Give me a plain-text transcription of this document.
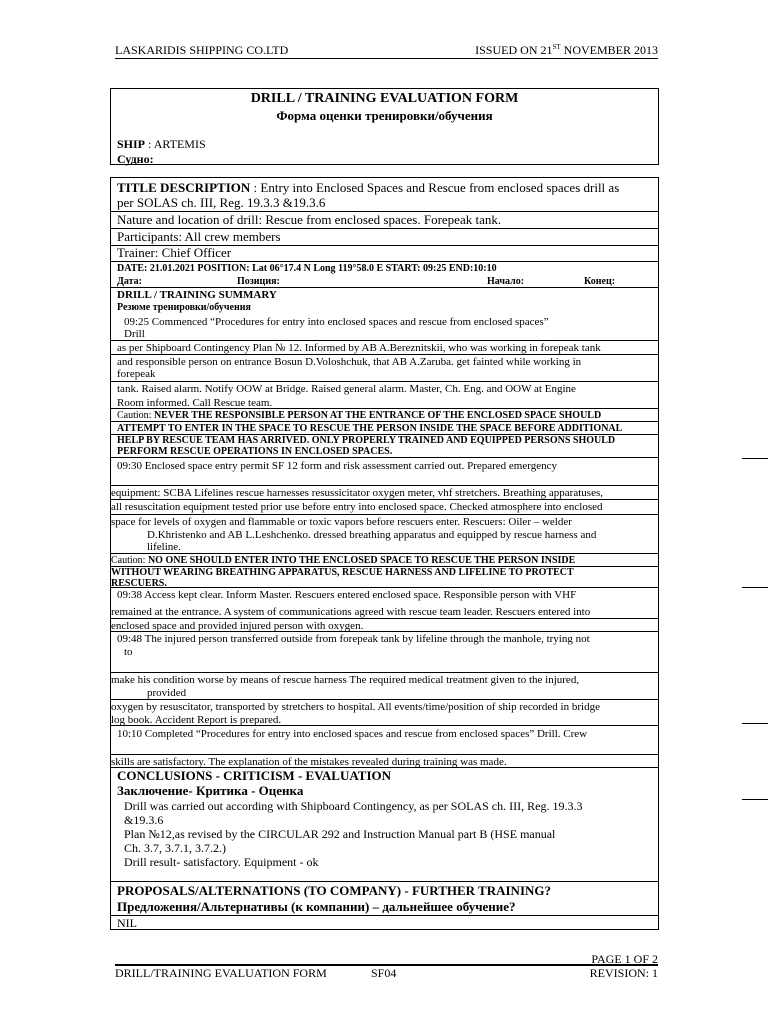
LASKARIDIS SHIPPING CO.LTD	ISSUED ON 21ST NOVEMBER 2013
DRILL / TRAINING EVALUATION FORM
Форма оценки тренировки/обучения
SHIP : ARTEMIS
Судно:
TITLE DESCRIPTION : Entry into Enclosed Spaces and Rescue from enclosed spaces drill as
per SOLAS ch. III, Reg. 19.3.3 &19.3.6
Nature and location of drill: Rescue from enclosed spaces. Forepeak tank.
Participants: All crew members
Trainer: Chief Officer
DATE: 21.01.2021 POSITION: Lat 06°17.4 N Long 119°58.0 E START: 09:25 END:10:10
Дата:	Позиция:	Начало:	Конец:
DRILL / TRAINING SUMMARY
Резюме тренировки/обучения
09:25 Commenced “Procedures for entry into enclosed spaces and rescue from enclosed spaces”
Drill
as per Shipboard Contingency Plan № 12. Informed by AB A.Bereznitskii, who was working in forepeak tank
and responsible person on entrance Bosun D.Voloshchuk, that AB A.Zaruba. get fainted while working in
forepeak
tank. Raised alarm. Notify OOW at Bridge. Raised general alarm. Master, Ch. Eng. and OOW at Engine
Room informed. Call Rescue team.
Caution: NEVER THE RESPONSIBLE PERSON AT THE ENTRANCE OF THE ENCLOSED SPACE SHOULD
ATTEMPT TO ENTER IN THE SPACE TO RESCUE THE PERSON INSIDE THE SPACE BEFORE ADDITIONAL
HELP BY RESCUE TEAM HAS ARRIVED. ONLY PROPERLY TRAINED AND EQUIPPED PERSONS SHOULD
PERFORM RESCUE OPERATIONS IN ENCLOSED SPACES.
09:30 Enclosed space entry permit SF 12 form and risk assessment carried out. Prepared emergency
equipment: SCBA Lifelines rescue harnesses resussicitator oxygen meter, vhf stretchers. Breathing apparatuses,
all resuscitation equipment tested prior use before entry into enclosed space. Checked atmosphere into enclosed
space for levels of oxygen and flammable or toxic vapors before rescuers enter. Rescuers: Oiler – welder
D.Khristenko and AB L.Leshchenko. dressed breathing apparatus and equipped by rescue harness and
lifeline.
Caution: NO ONE SHOULD ENTER INTO THE ENCLOSED SPACE TO RESCUE THE PERSON INSIDE
WITHOUT WEARING BREATHING APPARATUS, RESCUE HARNESS AND LIFELINE TO PROTECT
RESCUERS.
09:38 Access kept clear. Inform Master. Rescuers entered enclosed space. Responsible person with VHF
remained at the entrance. A system of communications agreed with rescue team leader. Rescuers entered into
enclosed space and provided injured person with oxygen.
09:48 The injured person transferred outside from forepeak tank by lifeline through the manhole, trying not
to
make his condition worse by means of rescue harness The required medical treatment given to the injured,
provided
oxygen by resuscitator, transported by stretchers to hospital. All events/time/position of ship recorded in bridge
log book. Accident Report is prepared.
10:10 Completed “Procedures for entry into enclosed spaces and rescue from enclosed spaces” Drill. Crew
skills are satisfactory. The explanation of the mistakes revealed during training was made.
CONCLUSIONS - CRITICISM - EVALUATION
Заключение- Критика - Оценка
Drill was carried out according with Shipboard Contingency, as per SOLAS ch. III, Reg. 19.3.3
&19.3.6
Plan №12,as revised by the CIRCULAR 292 and Instruction Manual part B (HSE manual
Ch. 3.7, 3.7.1, 3.7.2.)
Drill result- satisfactory. Equipment - ok
PROPOSALS/ALTERNATIONS (TO COMPANY) - FURTHER TRAINING?
Предложения/Альтернативы (к компании) – дальнейшее обучение?
NIL
PAGE 1 OF 2
DRILL/TRAINING EVALUATION FORM	SF04	REVISION: 1
